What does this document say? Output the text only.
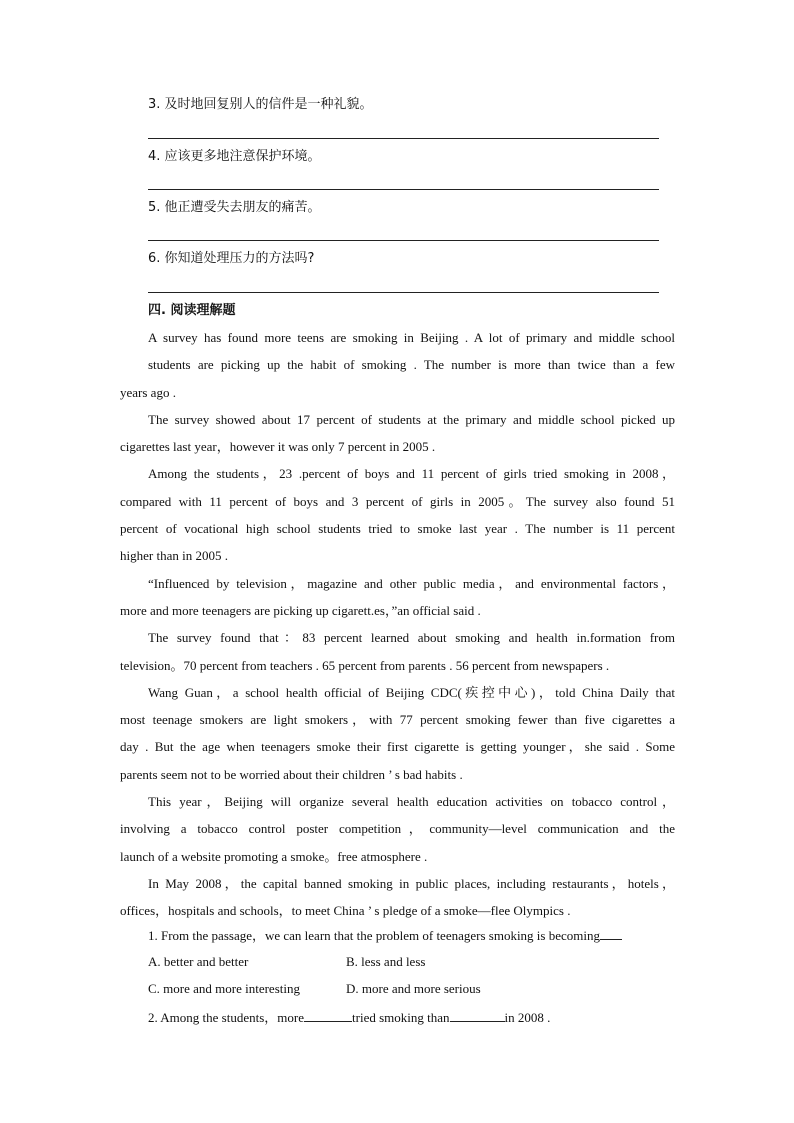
3. 及时地回复别人的信件是一种礼貌。
4. 应该更多地注意保护环境。
5. 他正遭受失去朋友的痛苦。
6. 你知道处理压力的方法吗?
四. 阅读理解题
A survey has found more teens are smoking in Beijing . A lot of primary and middle school
students are picking up the habit of smoking . The number is more than twice than a few
years ago .
The survey showed about 17 percent of students at the primary and middle school picked up
cigarettes last year，however it was only 7 percent in 2005 .
Among the students，23 .percent of boys and 11 percent of girls tried smoking in 2008，
compared with 11 percent of boys and 3 percent of girls in 2005。The survey also found 51
percent of vocational high school students tried to smoke last year . The number is 11 percent
higher than in 2005 .
“Influenced by television，magazine and other public media，and environmental factors，
more and more teenagers are picking up cigarett.es，”an official said .
The survey found that：83 percent learned about smoking and health in.formation from
television。70 percent from teachers . 65 percent from parents . 56 percent from newspapers .
Wang Guan，a school health official of Beijing CDC(疾控中心)，told China Daily that
most teenage smokers are light smokers，with 77 percent smoking fewer than five cigarettes a
day . But the age when teenagers smoke their first cigarette is getting younger，she said . Some
parents seem not to be worried about their children ’ s bad habits .
This year，Beijing will organize several health education activities on tobacco control，
involving a tobacco control poster competition，community—level communication and the
launch of a website promoting a smoke。free atmosphere .
In May 2008，the capital banned smoking in public places, including restaurants，hotels，
offices，hospitals and schools，to meet China ’ s pledge of a smoke—flee Olympics .
1. From the passage，we can learn that the problem of teenagers smoking is becoming
A. better and better	B. less and less
C. more and more interesting	D. more and more serious
2. Among the students，more	tried smoking than	in 2008 .
